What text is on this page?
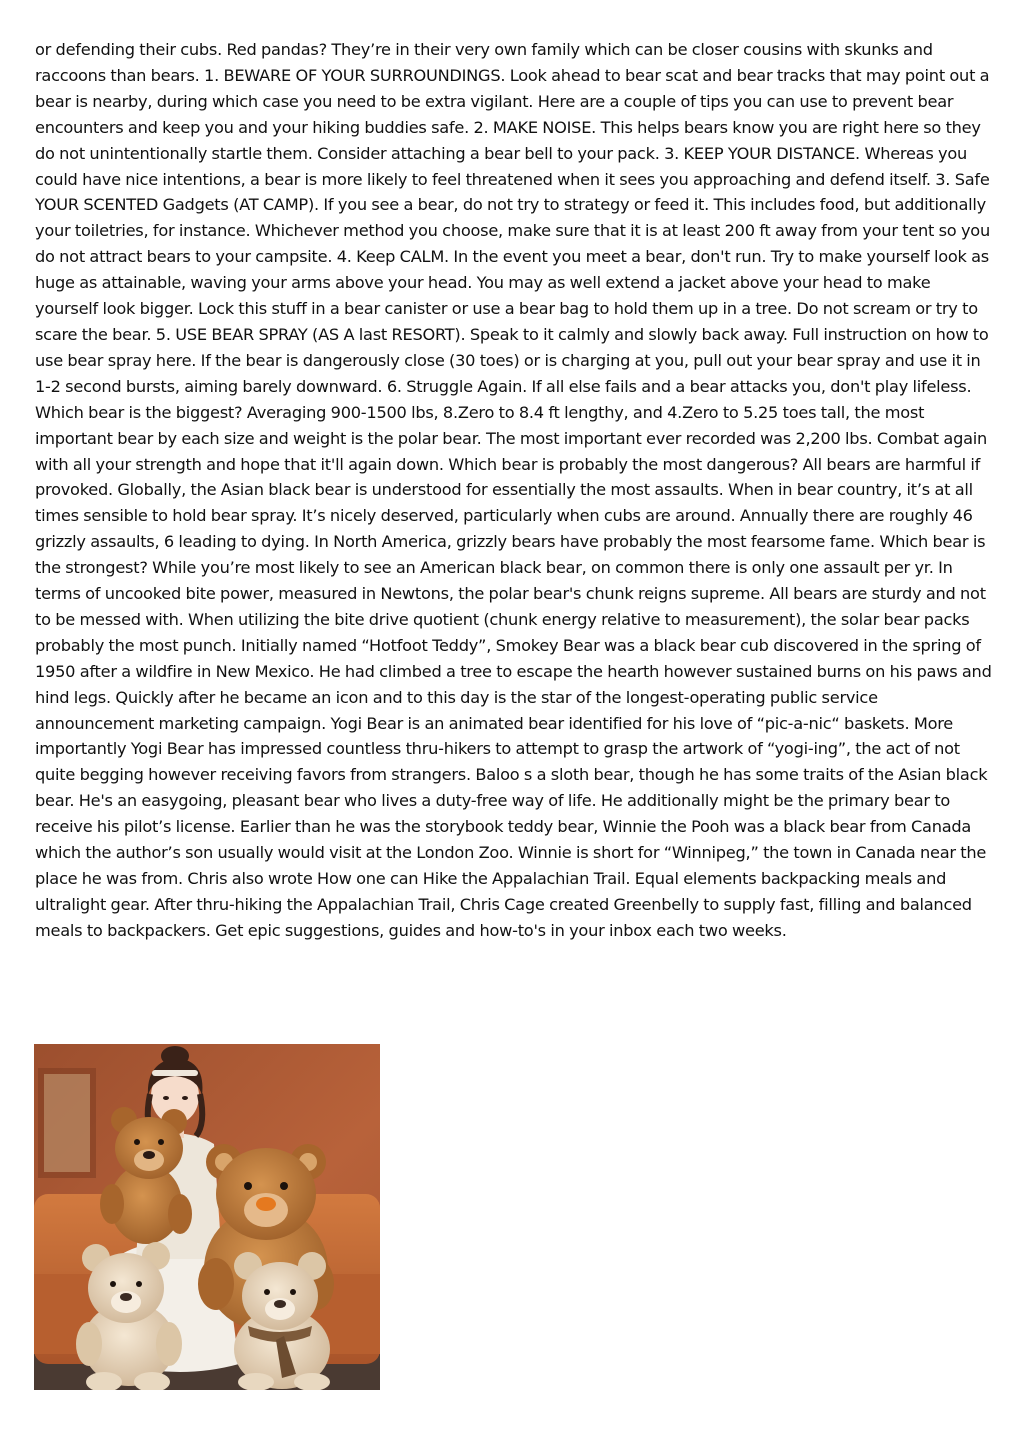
or defending their cubs. Red pandas? They’re in their very own family which can be closer cousins with skunks and raccoons than bears. 1. BEWARE OF YOUR SURROUNDINGS. Look ahead to bear scat and bear tracks that may point out a bear is nearby, during which case you need to be extra vigilant. Here are a couple of tips you can use to prevent bear encounters and keep you and your hiking buddies safe. 2. MAKE NOISE. This helps bears know you are right here so they do not unintentionally startle them. Consider attaching a bear bell to your pack. 3. KEEP YOUR DISTANCE. Whereas you could have nice intentions, a bear is more likely to feel threatened when it sees you approaching and defend itself. 3. Safe YOUR SCENTED Gadgets (AT CAMP). If you see a bear, do not try to strategy or feed it. This includes food, but additionally your toiletries, for instance. Whichever method you choose, make sure that it is at least 200 ft away from your tent so you do not attract bears to your campsite. 4. Keep CALM. In the event you meet a bear, don't run. Try to make yourself look as huge as attainable, waving your arms above your head. You may as well extend a jacket above your head to make yourself look bigger. Lock this stuff in a bear canister or use a bear bag to hold them up in a tree. Do not scream or try to scare the bear. 5. USE BEAR SPRAY (AS A last RESORT). Speak to it calmly and slowly back away. Full instruction on how to use bear spray here. If the bear is dangerously close (30 toes) or is charging at you, pull out your bear spray and use it in 1-2 second bursts, aiming barely downward. 6. Struggle Again. If all else fails and a bear attacks you, don't play lifeless. Which bear is the biggest? Averaging 900-1500 lbs, 8.Zero to 8.4 ft lengthy, and 4.Zero to 5.25 toes tall, the most important bear by each size and weight is the polar bear. The most important ever recorded was 2,200 lbs. Combat again with all your strength and hope that it'll again down. Which bear is probably the most dangerous? All bears are harmful if provoked. Globally, the Asian black bear is understood for essentially the most assaults. When in bear country, it’s at all times sensible to hold bear spray. It’s nicely deserved, particularly when cubs are around. Annually there are roughly 46 grizzly assaults, 6 leading to dying. In North America, grizzly bears have probably the most fearsome fame. Which bear is the strongest? While you’re most likely to see an American black bear, on common there is only one assault per yr. In terms of uncooked bite power, measured in Newtons, the polar bear's chunk reigns supreme. All bears are sturdy and not to be messed with. When utilizing the bite drive quotient (chunk energy relative to measurement), the solar bear packs probably the most punch. Initially named “Hotfoot Teddy”, Smokey Bear was a black bear cub discovered in the spring of 1950 after a wildfire in New Mexico. He had climbed a tree to escape the hearth however sustained burns on his paws and hind legs. Quickly after he became an icon and to this day is the star of the longest-operating public service announcement marketing campaign. Yogi Bear is an animated bear identified for his love of “pic-a-nic“ baskets. More importantly Yogi Bear has impressed countless thru-hikers to attempt to grasp the artwork of “yogi-ing”, the act of not quite begging however receiving favors from strangers. Baloo s a sloth bear, though he has some traits of the Asian black bear. He's an easygoing, pleasant bear who lives a duty-free way of life. He additionally might be the primary bear to receive his pilot’s license. Earlier than he was the storybook teddy bear, Winnie the Pooh was a black bear from Canada which the author’s son usually would visit at the London Zoo. Winnie is short for “Winnipeg,” the town in Canada near the place he was from. Chris also wrote How one can Hike the Appalachian Trail. Equal elements backpacking meals and ultralight gear. After thru-hiking the Appalachian Trail, Chris Cage created Greenbelly to supply fast, filling and balanced meals to backpackers. Get epic suggestions, guides and how-to's in your inbox each two weeks.
